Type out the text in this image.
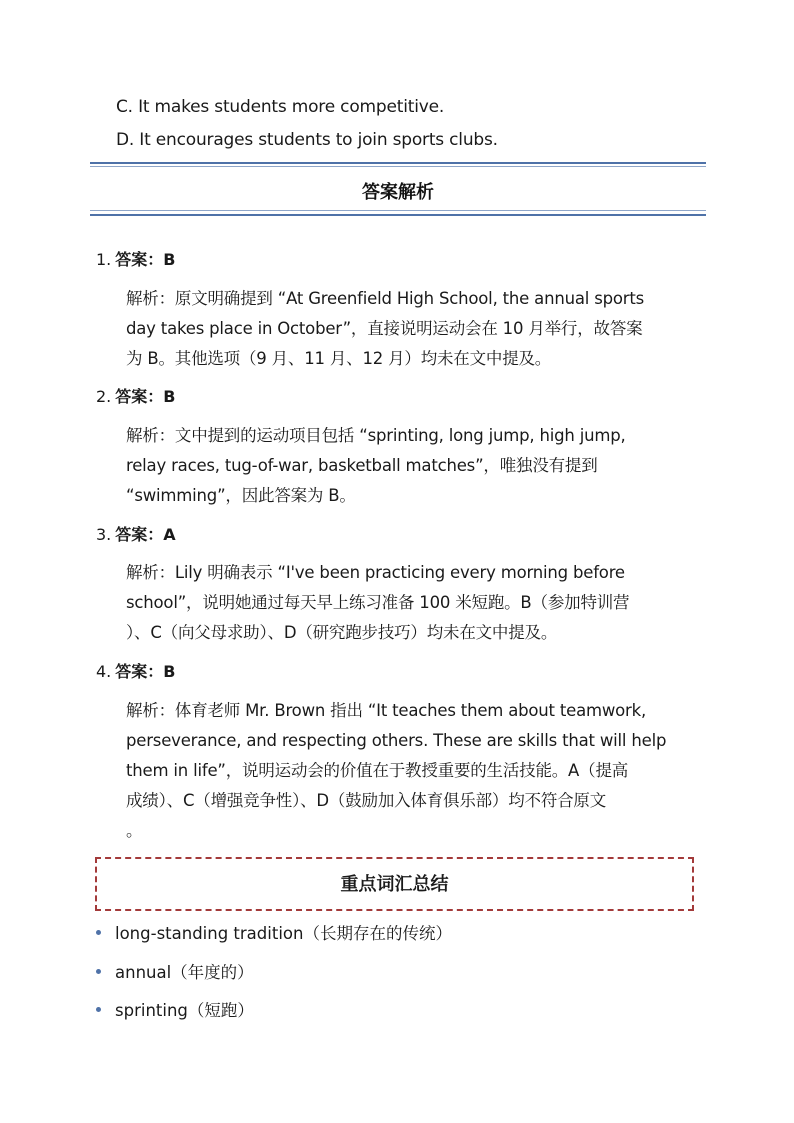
C. It makes students more competitive.
D. It encourages students to join sports clubs.
答案解析
1. 答案：B
解析：原文明确提到 “At Greenfield High School, the annual sports
day takes place in October”，直接说明运动会在 10 月举行，故答案
为 B。其他选项（9 月、11 月、12 月）均未在文中提及。
2. 答案：B
解析：文中提到的运动项目包括 “sprinting, long jump, high jump,
relay races, tug-of-war, basketball matches”，唯独没有提到
“swimming”，因此答案为 B。
3. 答案：A
解析：Lily 明确表示 “I've been practicing every morning before
school”，说明她通过每天早上练习准备 100 米短跑。B（参加特训营
）、C（向父母求助）、D（研究跑步技巧）均未在文中提及。
4. 答案：B
解析：体育老师 Mr. Brown 指出 “It teaches them about teamwork,
perseverance, and respecting others. These are skills that will help
them in life”，说明运动会的价值在于教授重要的生活技能。A（提高
成绩）、C（增强竞争性）、D（鼓励加入体育俱乐部）均不符合原文
。
重点词汇总结
long-standing tradition（长期存在的传统）
annual（年度的）
sprinting（短跑）
